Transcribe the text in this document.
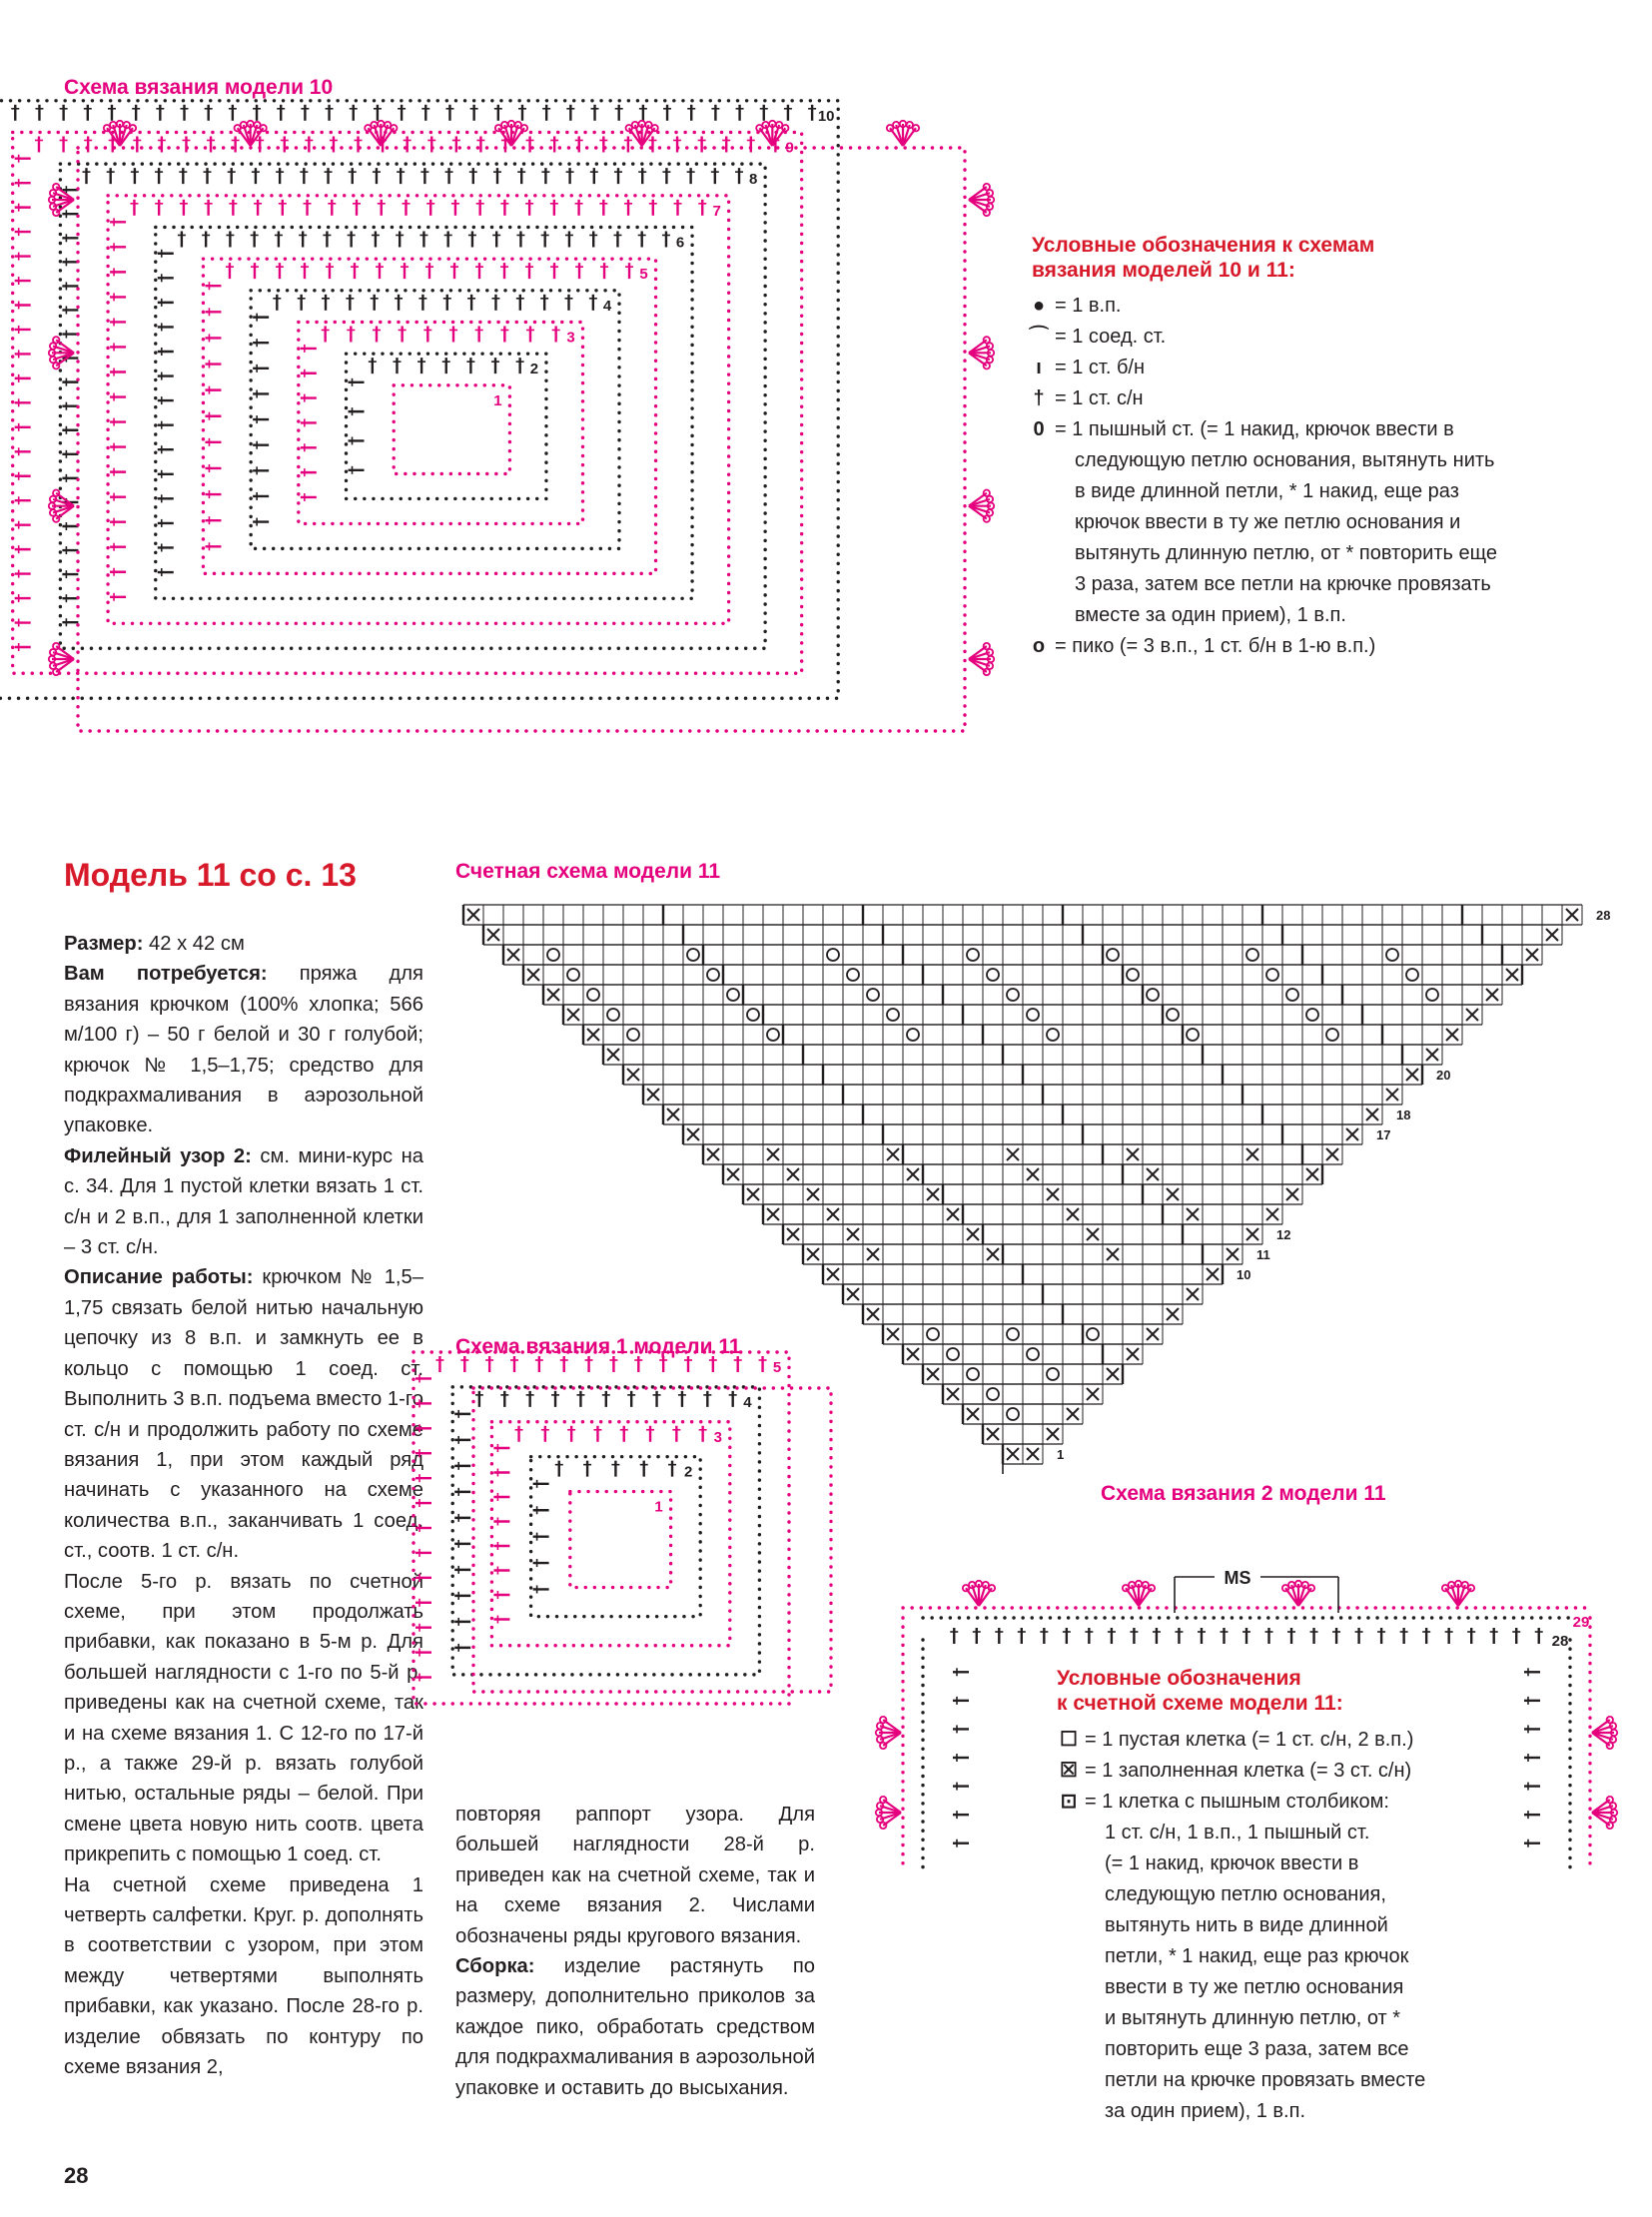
Схема вязания модели 10
1
2
3
4
5
6
7
8
9
10
Условные обозначения к схемам
вязания моделей 10 и 11:
● = 1 в.п.
⌒ = 1 соед. ст.
ı = 1 ст. б/н
† = 1 ст. с/н
0 = 1 пышный ст. (= 1 накид, крючок ввести в
следующую петлю основания, вытянуть нить
в виде длинной петли, * 1 накид, еще раз
крючок ввести в ту же петлю основания и
вытянуть длинную петлю, от * повторить еще
3 раза, затем все петли на крючке провязать
вместе за один прием), 1 в.п.
ο = пико (= 3 в.п., 1 ст. б/н в 1-ю в.п.)
Модель 11 со с. 13

Размер: 42 х 42 см

Вам потребуется: пряжа для вязания крючком (100% хлопка; 566 м/100 г) – 50 г белой и 30 г голубой; крючок № 1,5–1,75; средство для подкрахмаливания в аэрозольной упаковке.

Филейный узор 2: см. мини-курс на с. 34. Для 1 пустой клетки вязать 1 ст. с/н и 2 в.п., для 1 заполненной клетки – 3 ст. с/н.

Описание работы: крючком № 1,5–1,75 связать белой нитью начальную цепочку из 8 в.п. и замкнуть ее в кольцо с помощью 1 соед. ст. Выполнить 3 в.п. подъема вместо 1-го ст. с/н и продолжить работу по схеме вязания 1, при этом каждый ряд начинать с указанного на схеме количества в.п., заканчивать 1 соед. ст., соотв. 1 ст. с/н.

После 5-го р. вязать по счетной схеме, при этом продолжать прибавки, как показано в 5-м р. Для большей наглядности с 1-го по 5-й р. приведены как на счетной схеме, так и на схеме вязания 1. С 12-го по 17-й р., а также 29-й р. вязать голубой нитью, остальные ряды – белой. При смене цвета новую нить соотв. цвета прикрепить с помощью 1 соед. ст.

На счетной схеме приведена 1 четверть салфетки. Круг. р. дополнять в соответствии с узором, при этом между четвертями выполнять прибавки, как указано. После 28-го р. изделие обвязать по контуру по схеме вязания 2,

повторяя раппорт узора. Для большей наглядности 28-й р. приведен как на счетной схеме, так и на схеме вязания 2. Числами обозначены ряды кругового вязания.

Сборка: изделие растянуть по размеру, дополнительно приколов за каждое пико, обработать средством для подкрахмаливания в аэрозольной упаковке и оставить до высыхания.

Счетная схема модели 11
1
10
11
12
17
18
20
28
Схема вязания 1 модели 11
1
2
3
4
5
Схема вязания 2 модели 11
MS
28
29
Условные обозначения
к счетной схеме модели 11:
☐ = 1 пустая клетка (= 1 ст. с/н, 2 в.п.)
☒ = 1 заполненная клетка (= 3 ст. с/н)
⊡ = 1 клетка с пышным столбиком:
1 ст. с/н, 1 в.п., 1 пышный ст.
(= 1 накид, крючок ввести в
следующую петлю основания,
вытянуть нить в виде длинной
петли, * 1 накид, еще раз крючок
ввести в ту же петлю основания
и вытянуть длинную петлю, от *
повторить еще 3 раза, затем все
петли на крючке провязать вместе
за один прием), 1 в.п.
28
